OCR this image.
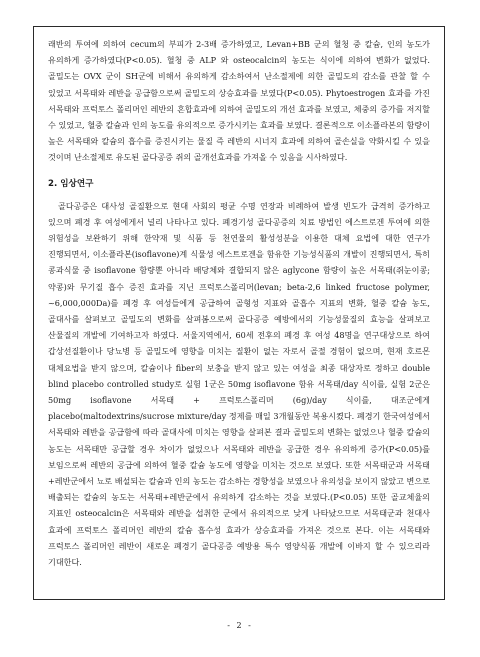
래반의 투여에 의하여 cecum의 부피가 2-3배 증가하였고, Levan+BB 군의 혈청 중 칼슘, 인의 농도가 유의하게 증가하였다(P<0.05). 혈청 중 ALP 와 osteocalcin의 농도는 식이에 의하여 변화가 없었다. 골밀도는 OVX 군이 SH군에 비해서 유의하게 감소하여서 난소절제에 의한 골밀도의 감소를 관찰 할 수 있었고 서목태와 레반을 공급함으로써 골밀도의 상승효과를 보였다(P<0.05). Phytoestrogen 효과를 가진 서목태와 프럭토스 폴리머인 레반의 혼합효과에 의하여 골밀도의 개선 효과를 보였고, 체중의 증가를 저지할 수 있었고, 혈중 칼슘과 인의 농도를 유의적으로 증가시키는 효과를 보였다. 결론적으로 이소플라본의 함량이 높은 서목태와 칼슘의 흡수를 증진시키는 물질 즉 레반의 시너지 효과에 의하여 골손실을 약화시킬 수 있을 것이며 난소절제로 유도된 골다공증 쥐의 골개선효과를 가져올 수 있음을 시사하였다.

2. 임상연구

골다공증은 대사성 골질환으로 현대 사회의 평균 수명 연장과 비례하여 발생 빈도가 급격히 증가하고 있으며 폐경 후 여성에게서 널리 나타나고 있다. 폐경기성 골다공증의 치료 방법인 에스트로겐 투여에 의한 위험성을 보완하기 위해 한약재 및 식품 등 천연물의 활성성분을 이용한 대체 요법에 대한 연구가 진행되면서, 이소플라본(isoflavone)계 식물성 에스트로겐을 함유한 기능성식품의 개발이 진행되면서, 특히 콩과식물 중 isoflavone 함량뿐 아니라 배당체와 결합되지 않은 aglycone 함량이 높은 서목태(쥐눈이콩; 약콩)와 무기질 흡수 증진 효과를 지닌 프럭토스폴리머(levan; beta-2,6 linked fructose polymer, ~6,000,000Da)를 폐경 후 여성들에게 공급하여 골형성 지표와 골흡수 지표의 변화, 혈중 칼슘 농도, 골대사를 살펴보고 골밀도의 변화를 살펴봄으로써 골다공증 예방에서의 기능성물질의 효능을 살펴보고 산물질의 개발에 기여하고자 하였다. 서울지역에서, 60세 전후의 폐경 후 여성 48명을 연구대상으로 하여 갑상선질환이나 당뇨병 등 골밀도에 영향을 미치는 질환이 없는 자로서 골절 경험이 없으며, 현재 호르몬 대체요법을 받지 않으며, 칼슘이나 fiber의 보충을 받지 않고 있는 여성을 최종 대상자로 정하고 double blind placebo controlled study로 실험 1군은 50mg isoflavone 함유 서목태/day 식이를, 실험 2군은 50mg isoflavone 서목태 + 프럭토스폴리머 (6g)/day 식이를, 대조군에게 placebo(maltodextrins/sucrose mixture/day 정제를 매일 3개월동안 복용시켰다. 폐경기 한국여성에서 서목태와 레반을 공급함에 따라 골대사에 미치는 영향을 살펴본 결과 골밀도의 변화는 없었으나 혈중 칼슘의 농도는 서목태만 공급할 경우 차이가 없었으나 서목태와 레반을 공급한 경우 유의하게 증가(P<0.05)를 보임으로써 레반의 공급에 의하여 혈중 칼슘 농도에 영향을 미치는 것으로 보였다. 또한 서목태군과 서목태+레반군에서 뇨로 배설되는 칼슘과 인의 농도는 감소하는 경향성을 보였으나 유의성을 보이지 않았고 변으로 배출되는 칼슘의 농도는 서목태+레반군에서 유의하게 감소하는 것을 보였다.(P<0.05) 또한 골교체율의 지표인 osteocalcin은 서목태와 레반을 섭취한 군에서 유의적으로 낮게 나타났으므로 서목태군과 천대사 효과에 프럭토스 폴리머인 레반의 칼슘 흡수성 효과가 상승효과를 가져온 것으로 본다. 이는 서목태와 프럭토스 폴리머인 레반이 새로운 폐경기 골다공증 예방용 특수 영양식품 개발에 이바지 할 수 있으리라 기대한다.

- 2 -
